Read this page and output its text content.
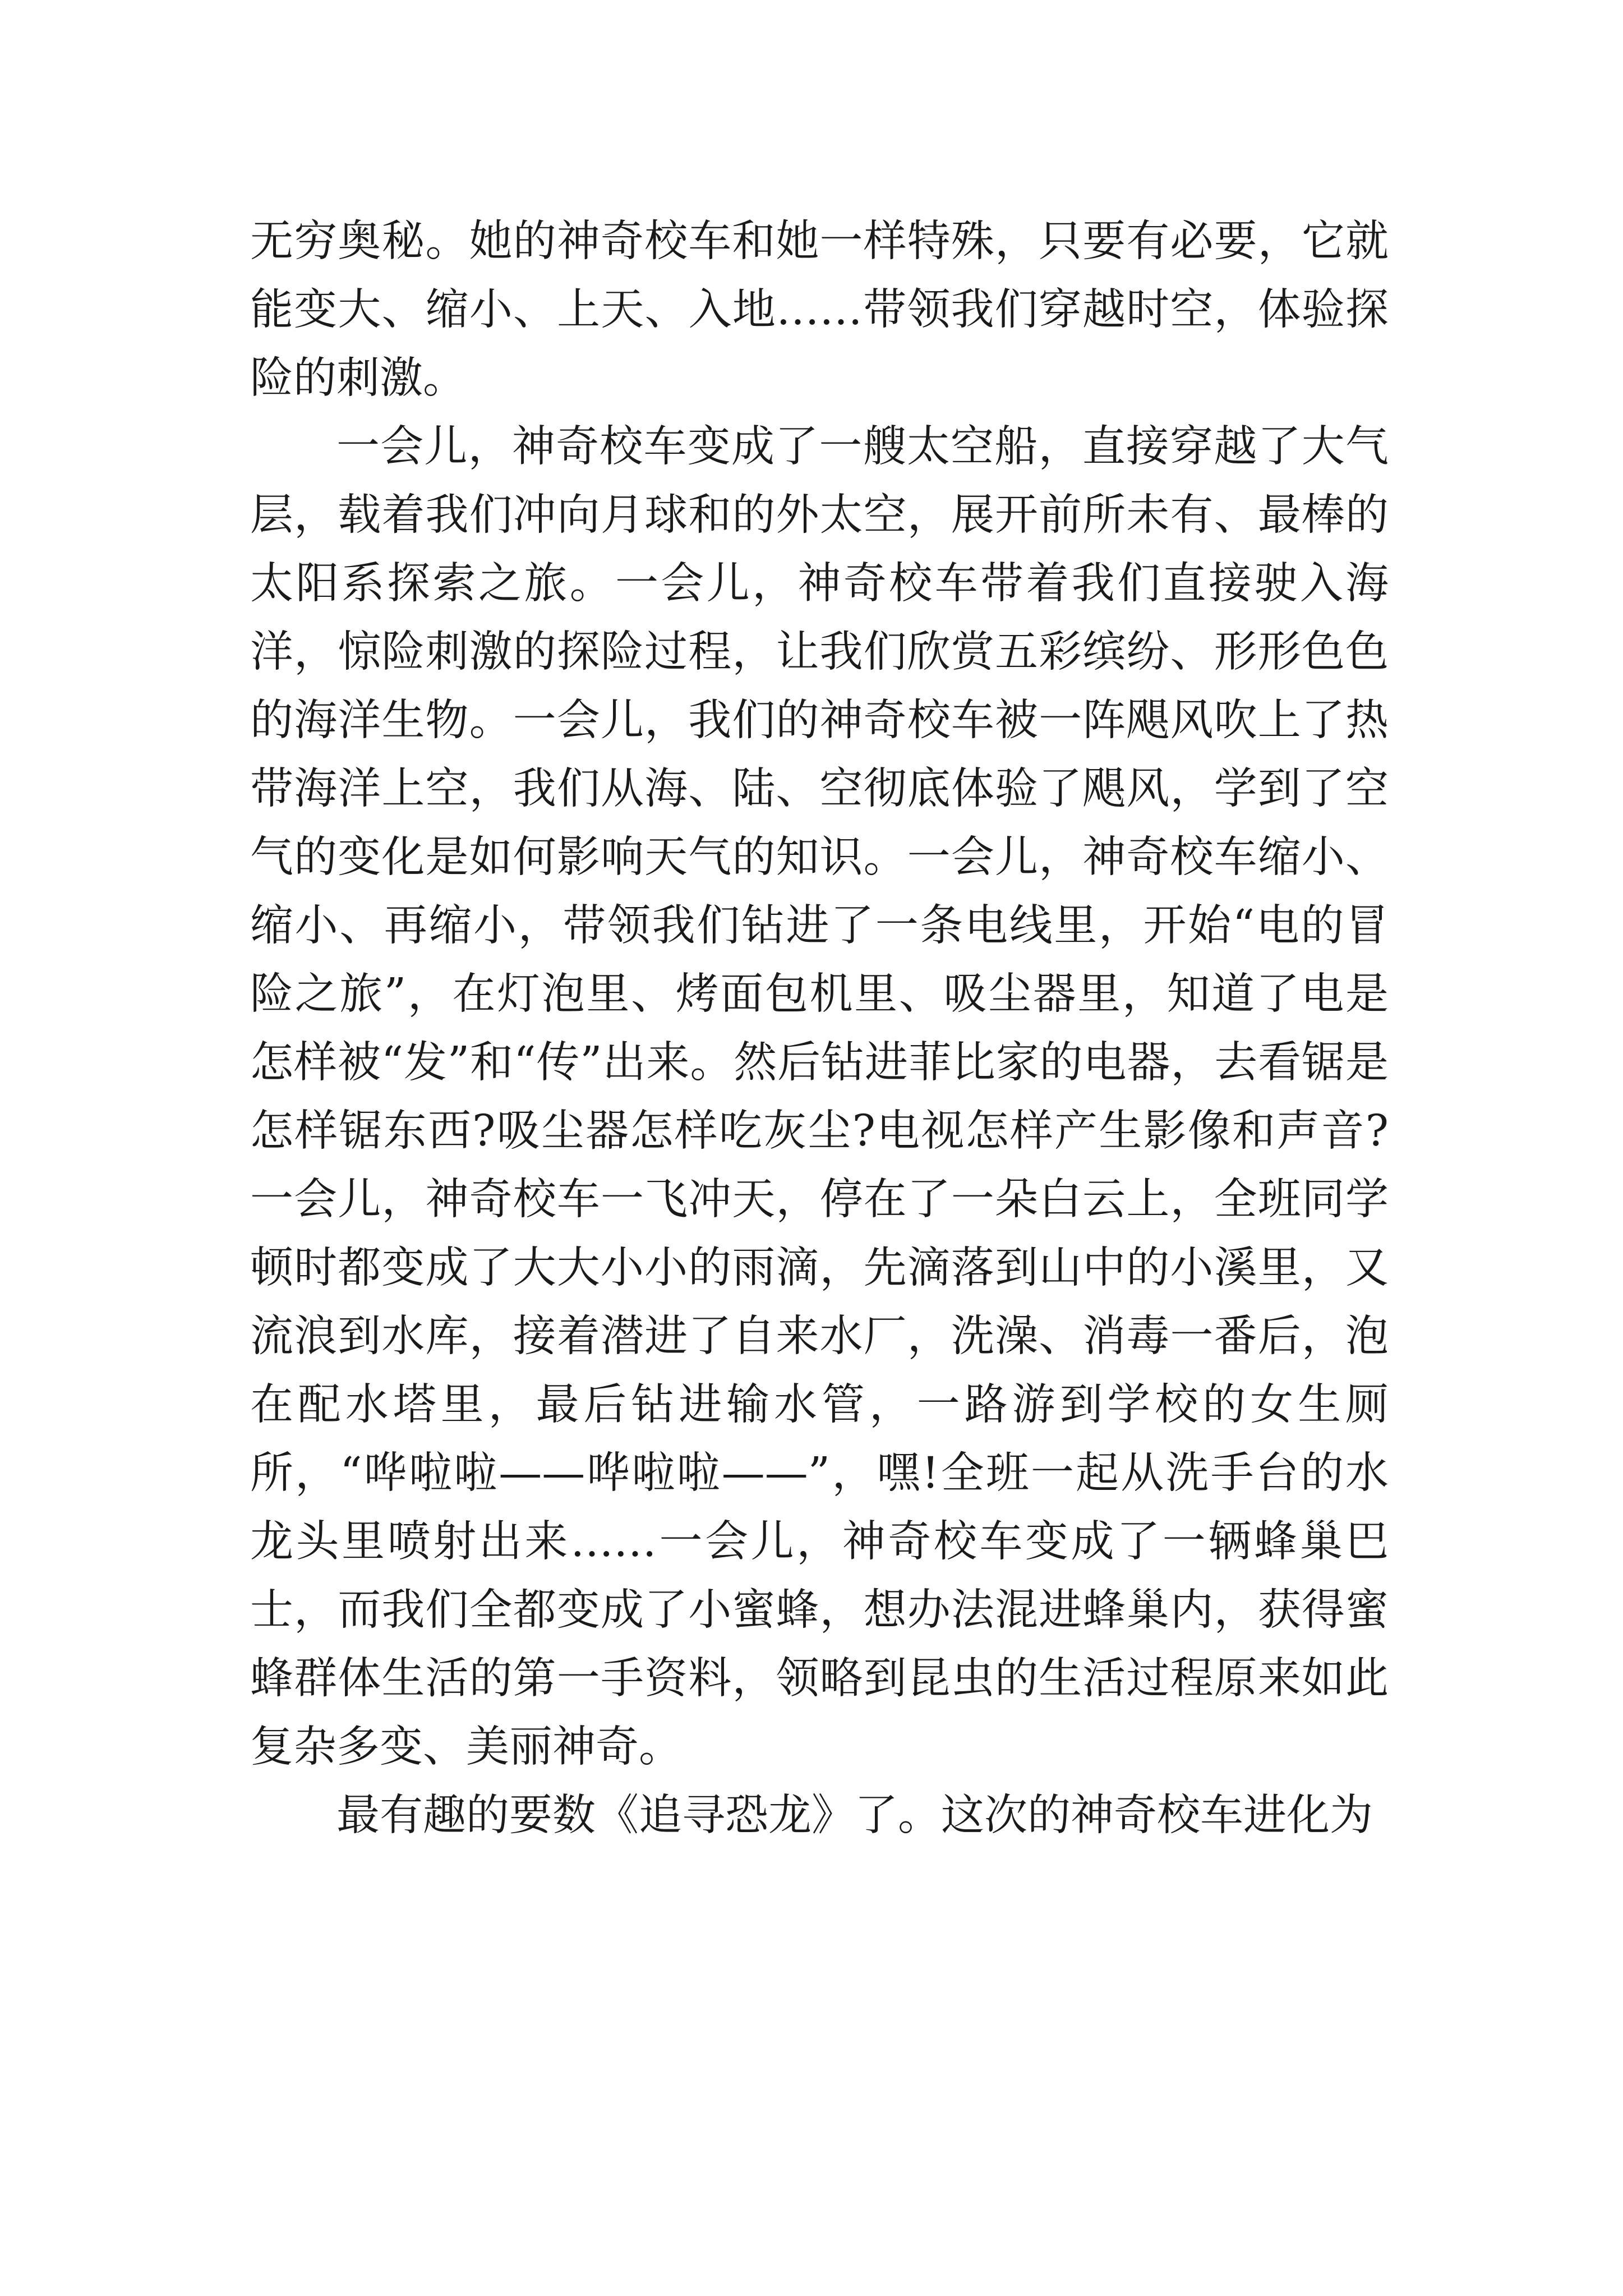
无穷奥秘。她的神奇校车和她一样特殊，只要有必要，它就能变大、缩小、上天、入地……带领我们穿越时空，体验探险的刺激。

一会儿，神奇校车变成了一艘太空船，直接穿越了大气层，载着我们冲向月球和的外太空，展开前所未有、最棒的太阳系探索之旅。一会儿，神奇校车带着我们直接驶入海洋，惊险刺激的探险过程，让我们欣赏五彩缤纷、形形色色的海洋生物。一会儿，我们的神奇校车被一阵飓风吹上了热带海洋上空，我们从海、陆、空彻底体验了飓风，学到了空气的变化是如何影响天气的知识。一会儿，神奇校车缩小、缩小、再缩小，带领我们钻进了一条电线里，开始“电的冒险之旅”，在灯泡里、烤面包机里、吸尘器里，知道了电是怎样被“发”和“传”出来。然后钻进菲比家的电器，去看锯是怎样锯东西?吸尘器怎样吃灰尘?电视怎样产生影像和声音?一会儿，神奇校车一飞冲天，停在了一朵白云上，全班同学顿时都变成了大大小小的雨滴，先滴落到山中的小溪里，又流浪到水库，接着潜进了自来水厂，洗澡、消毒一番后，泡在配水塔里，最后钻进输水管，一路游到学校的女生厕所，“哗啦啦——哗啦啦——”，嘿!全班一起从洗手台的水龙头里喷射出来……一会儿，神奇校车变成了一辆蜂巢巴士，而我们全都变成了小蜜蜂，想办法混进蜂巢内，获得蜜蜂群体生活的第一手资料，领略到昆虫的生活过程原来如此复杂多变、美丽神奇。

最有趣的要数《追寻恐龙》了。这次的神奇校车进化为
